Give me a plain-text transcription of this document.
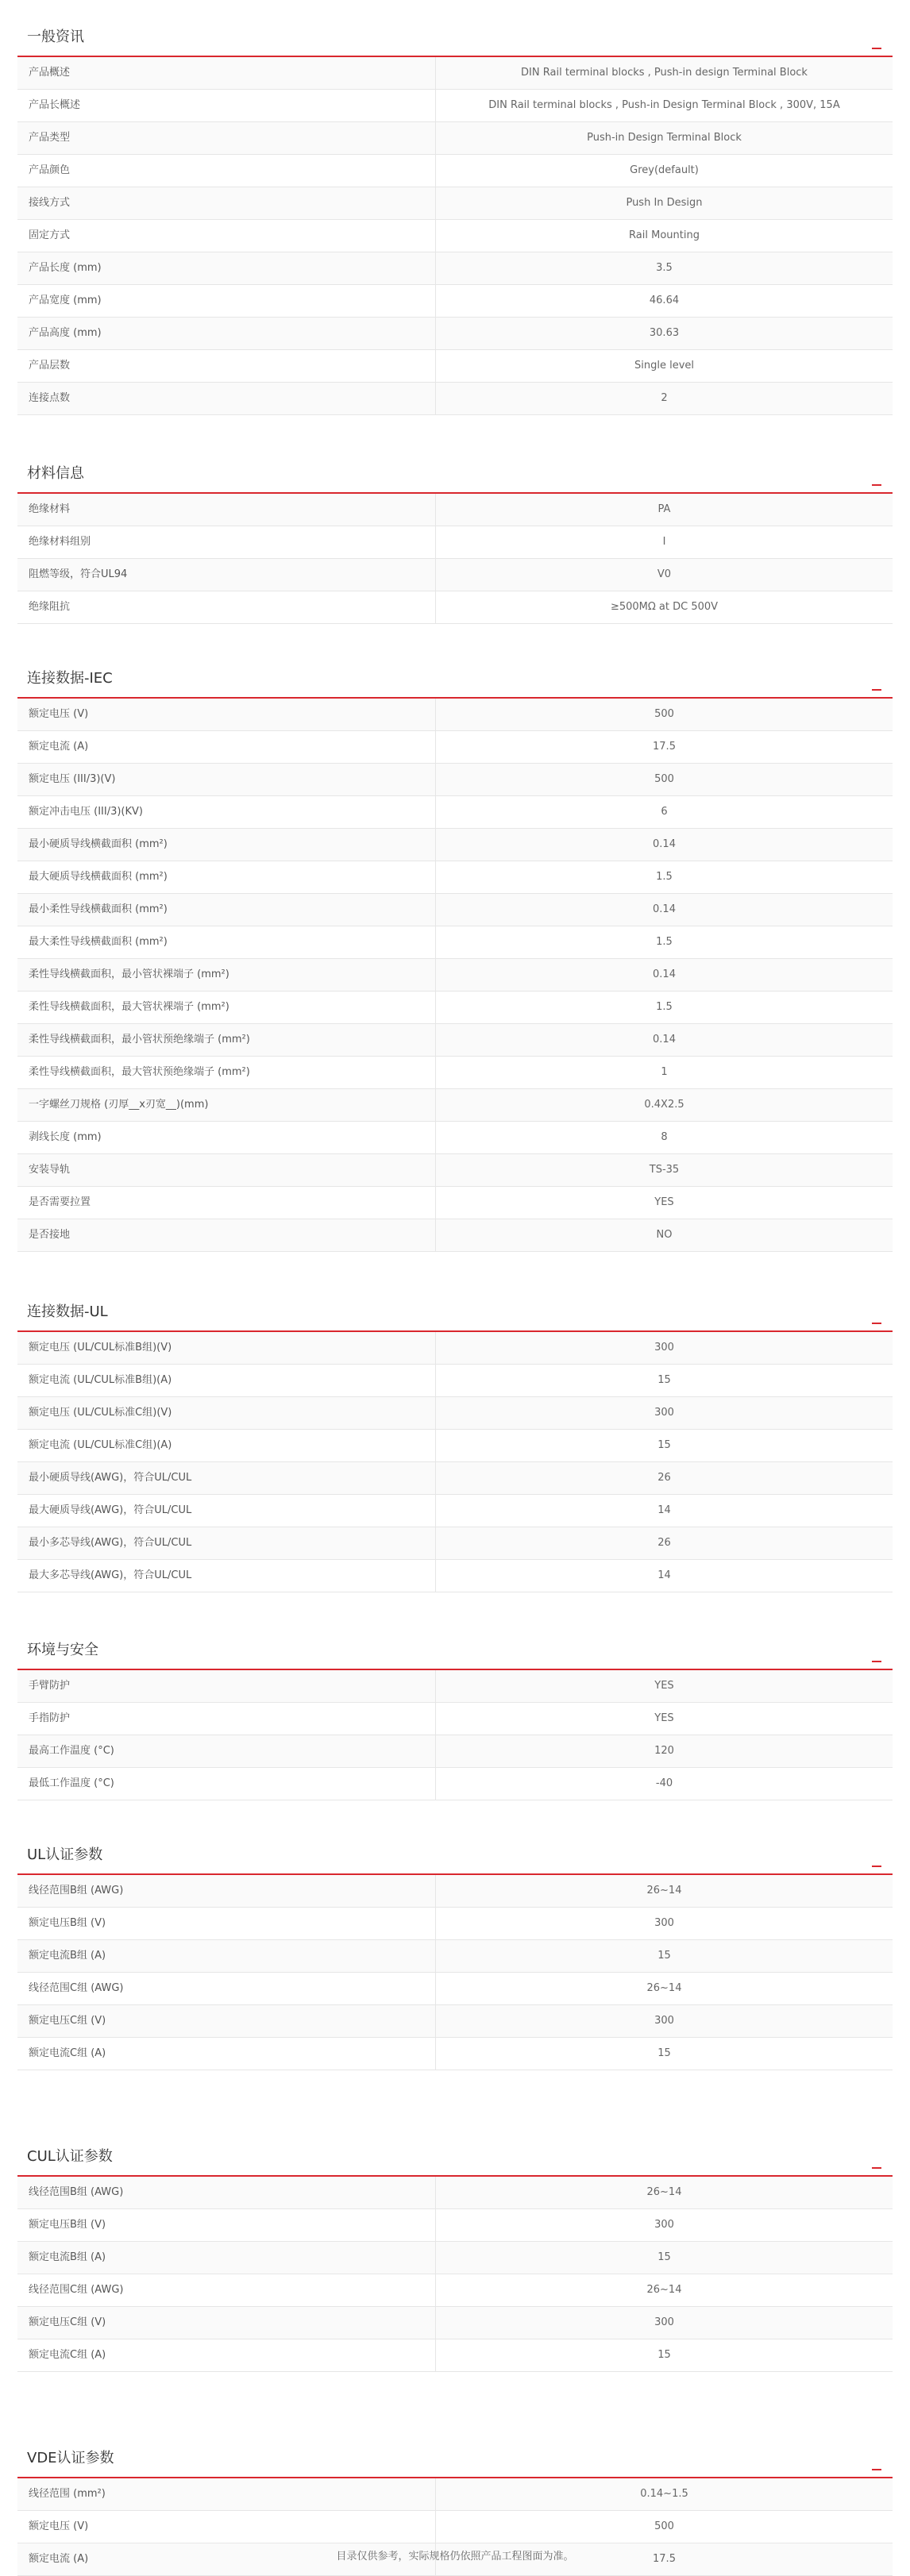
一般资讯
产品概述	DIN Rail terminal blocks , Push-in design Terminal Block
产品长概述	DIN Rail terminal blocks , Push-in Design Terminal Block , 300V, 15A
产品类型	Push-in Design Terminal Block
产品颜色	Grey(default)
接线方式	Push In Design
固定方式	Rail Mounting
产品长度 (mm)	3.5
产品宽度 (mm)	46.64
产品高度 (mm)	30.63
产品层数	Single level
连接点数	2
材料信息
绝缘材料	PA
绝缘材料组别	I
阻燃等级，符合UL94	V0
绝缘阻抗	≥500MΩ at DC 500V
连接数据-IEC
额定电压 (V)	500
额定电流 (A)	17.5
额定电压 (III/3)(V)	500
额定冲击电压 (III/3)(KV)	6
最小硬质导线横截面积 (mm²)	0.14
最大硬质导线横截面积 (mm²)	1.5
最小柔性导线横截面积 (mm²)	0.14
最大柔性导线横截面积 (mm²)	1.5
柔性导线横截面积，最小管状裸端子 (mm²)	0.14
柔性导线横截面积，最大管状裸端子 (mm²)	1.5
柔性导线横截面积，最小管状预绝缘端子 (mm²)	0.14
柔性导线横截面积，最大管状预绝缘端子 (mm²)	1
一字螺丝刀规格 (刃厚__x刃宽__)(mm)	0.4X2.5
剥线长度 (mm)	8
安装导轨	TS-35
是否需要拉置	YES
是否接地	NO
连接数据-UL
额定电压 (UL/CUL标准B组)(V)	300
额定电流 (UL/CUL标准B组)(A)	15
额定电压 (UL/CUL标准C组)(V)	300
额定电流 (UL/CUL标准C组)(A)	15
最小硬质导线(AWG)，符合UL/CUL	26
最大硬质导线(AWG)，符合UL/CUL	14
最小多芯导线(AWG)，符合UL/CUL	26
最大多芯导线(AWG)，符合UL/CUL	14
环境与安全
手臂防护	YES
手指防护	YES
最高工作温度 (°C)	120
最低工作温度 (°C)	-40
UL认证参数
线径范围B组 (AWG)	26~14
额定电压B组 (V)	300
额定电流B组 (A)	15
线径范围C组 (AWG)	26~14
额定电压C组 (V)	300
额定电流C组 (A)	15
CUL认证参数
线径范围B组 (AWG)	26~14
额定电压B组 (V)	300
额定电流B组 (A)	15
线径范围C组 (AWG)	26~14
额定电压C组 (V)	300
额定电流C组 (A)	15
VDE认证参数
线径范围 (mm²)	0.14~1.5
额定电压 (V)	500
额定电流 (A)	17.5
目录仅供参考，实际规格仍依照产品工程图面为准。
